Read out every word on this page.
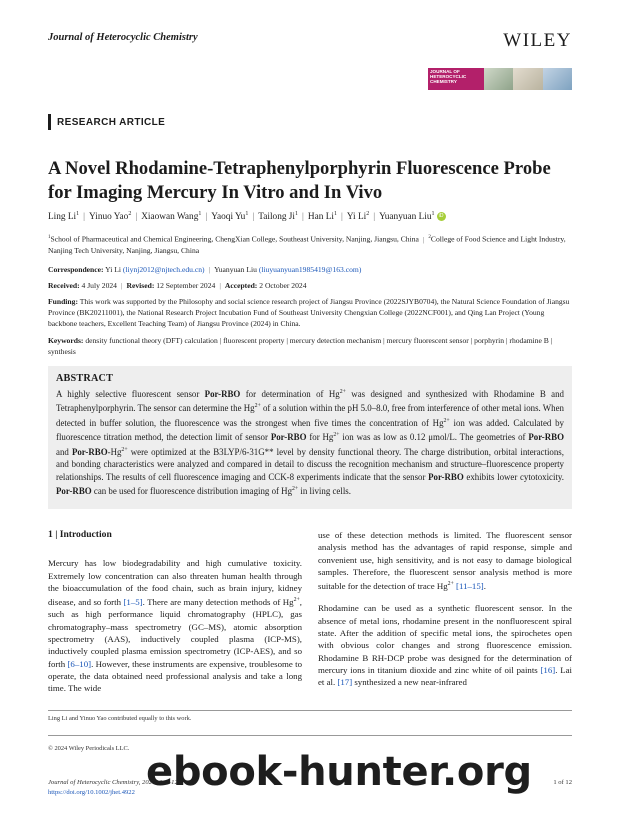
Journal of Heterocyclic Chemistry	WILEY
JOURNAL OF HETEROCYCLIC CHEMISTRY
RESEARCH ARTICLE
A Novel Rhodamine-Tetraphenylporphyrin Fluorescence Probe for Imaging Mercury In Vitro and In Vivo
Ling Li$^1$ | Yinuo Yao$^2$ | Xiaowan Wang$^1$ | Yaoqi Yu$^1$ | Tailong Ji$^1$ | Han Li$^1$ | Yi Li$^2$ | Yuanyuan Liu$^1$ iD
$^1$School of Pharmaceutical and Chemical Engineering, ChengXian College, Southeast University, Nanjing, Jiangsu, China | $^2$College of Food Science and Light Industry, Nanjing Tech University, Nanjing, Jiangsu, China
Correspondence: Yi Li (liynj2012@njtech.edu.cn) | Yuanyuan Liu (liuyuanyuan1985419@163.com)
Received: 4 July 2024 | Revised: 12 September 2024 | Accepted: 2 October 2024
Funding: This work was supported by the Philosophy and social science research project of Jiangsu Province (2022SJYB0704), the Natural Science Foundation of Jiangsu Province (BK20211001), the National Research Project Incubation Fund of Southeast University Chengxian College (2022NCF001), and Qing Lan Project (Young backbone teachers, Excellent Teaching Team) of Jiangsu Province (2024) in China.
Keywords: density functional theory (DFT) calculation | fluorescent property | mercury detection mechanism | mercury fluorescent sensor | porphyrin | rhodamine B | synthesis
ABSTRACT
A highly selective fluorescent sensor Por-RBO for determination of $Hg^{2+}$ was designed and synthesized with Rhodamine B and Tetraphenylporphyrin. The sensor can determine the $Hg^{2+}$ of a solution within the pH 5.0–8.0, free from interference of other metal ions. When detected in buffer solution, the fluorescence was the strongest when five times the concentration of $Hg^{2+}$ ion was added. Calculated by fluorescence titration method, the detection limit of sensor Por-RBO for $Hg^{2+}$ ion was as low as 0.12 μmol/L. The geometries of Por-RBO and Por-$RBO-Hg^{2+}$ were optimized at the B3LYP/6-31G** level by density functional theory. The charge distribution, orbital interactions, and bonding characteristics were analyzed and compared in detail to discuss the recognition mechanism and structure–fluorescence property relationships. The results of cell fluorescence imaging and CCK-8 experiments indicate that the sensor Por-RBO exhibits lower cytotoxicity. Por-RBO can be used for fluorescence distribution imaging of $Hg^{2+}$ in living cells.
1 | Introduction

Mercury has low biodegradability and high cumulative toxicity. Extremely low concentration can also threaten human health through the bioaccumulation of the food chain, such as brain injury, kidney disease, and so forth [1–5]. There are many detection methods of $Hg^{2+}$, such as high performance liquid chromatography (HPLC), gas chromatography–mass spectrometry (GC–MS), atomic absorption spectrometry (AAS), inductively coupled plasma (ICP-MS), inductively coupled plasma emission spectrometry (ICP-AES), and so forth [6–10]. However, these instruments are expensive, troublesome to operate, the data obtained need professional analysis and take a long time. The wide

use of these detection methods is limited. The fluorescent sensor analysis method has the advantages of rapid response, simple and convenient use, high sensitivity, and is not easy to damage biological samples. Therefore, the fluorescent sensor analysis method is more suitable for the detection of trace $Hg^{2+}$ [11–15].

Rhodamine can be used as a synthetic fluorescent sensor. In the absence of metal ions, rhodamine present in the nonfluorescent spiral state. After the addition of specific metal ions, the spirochetes open with obvious color changes and strong fluorescence emission. Rhodamine B RH-DCP probe was designed for the determination of mercury ions in titanium dioxide and zinc white of oil paints [16]. Lai et al. [17] synthesized a new near-infrared

Ling Li and Yinuo Yao contributed equally to this work.
© 2024 Wiley Periodicals LLC.
Journal of Heterocyclic Chemistry, 2024; 0:1–12
https://doi.org/10.1002/jhet.4922
1 of 12
ebook-hunter.org
